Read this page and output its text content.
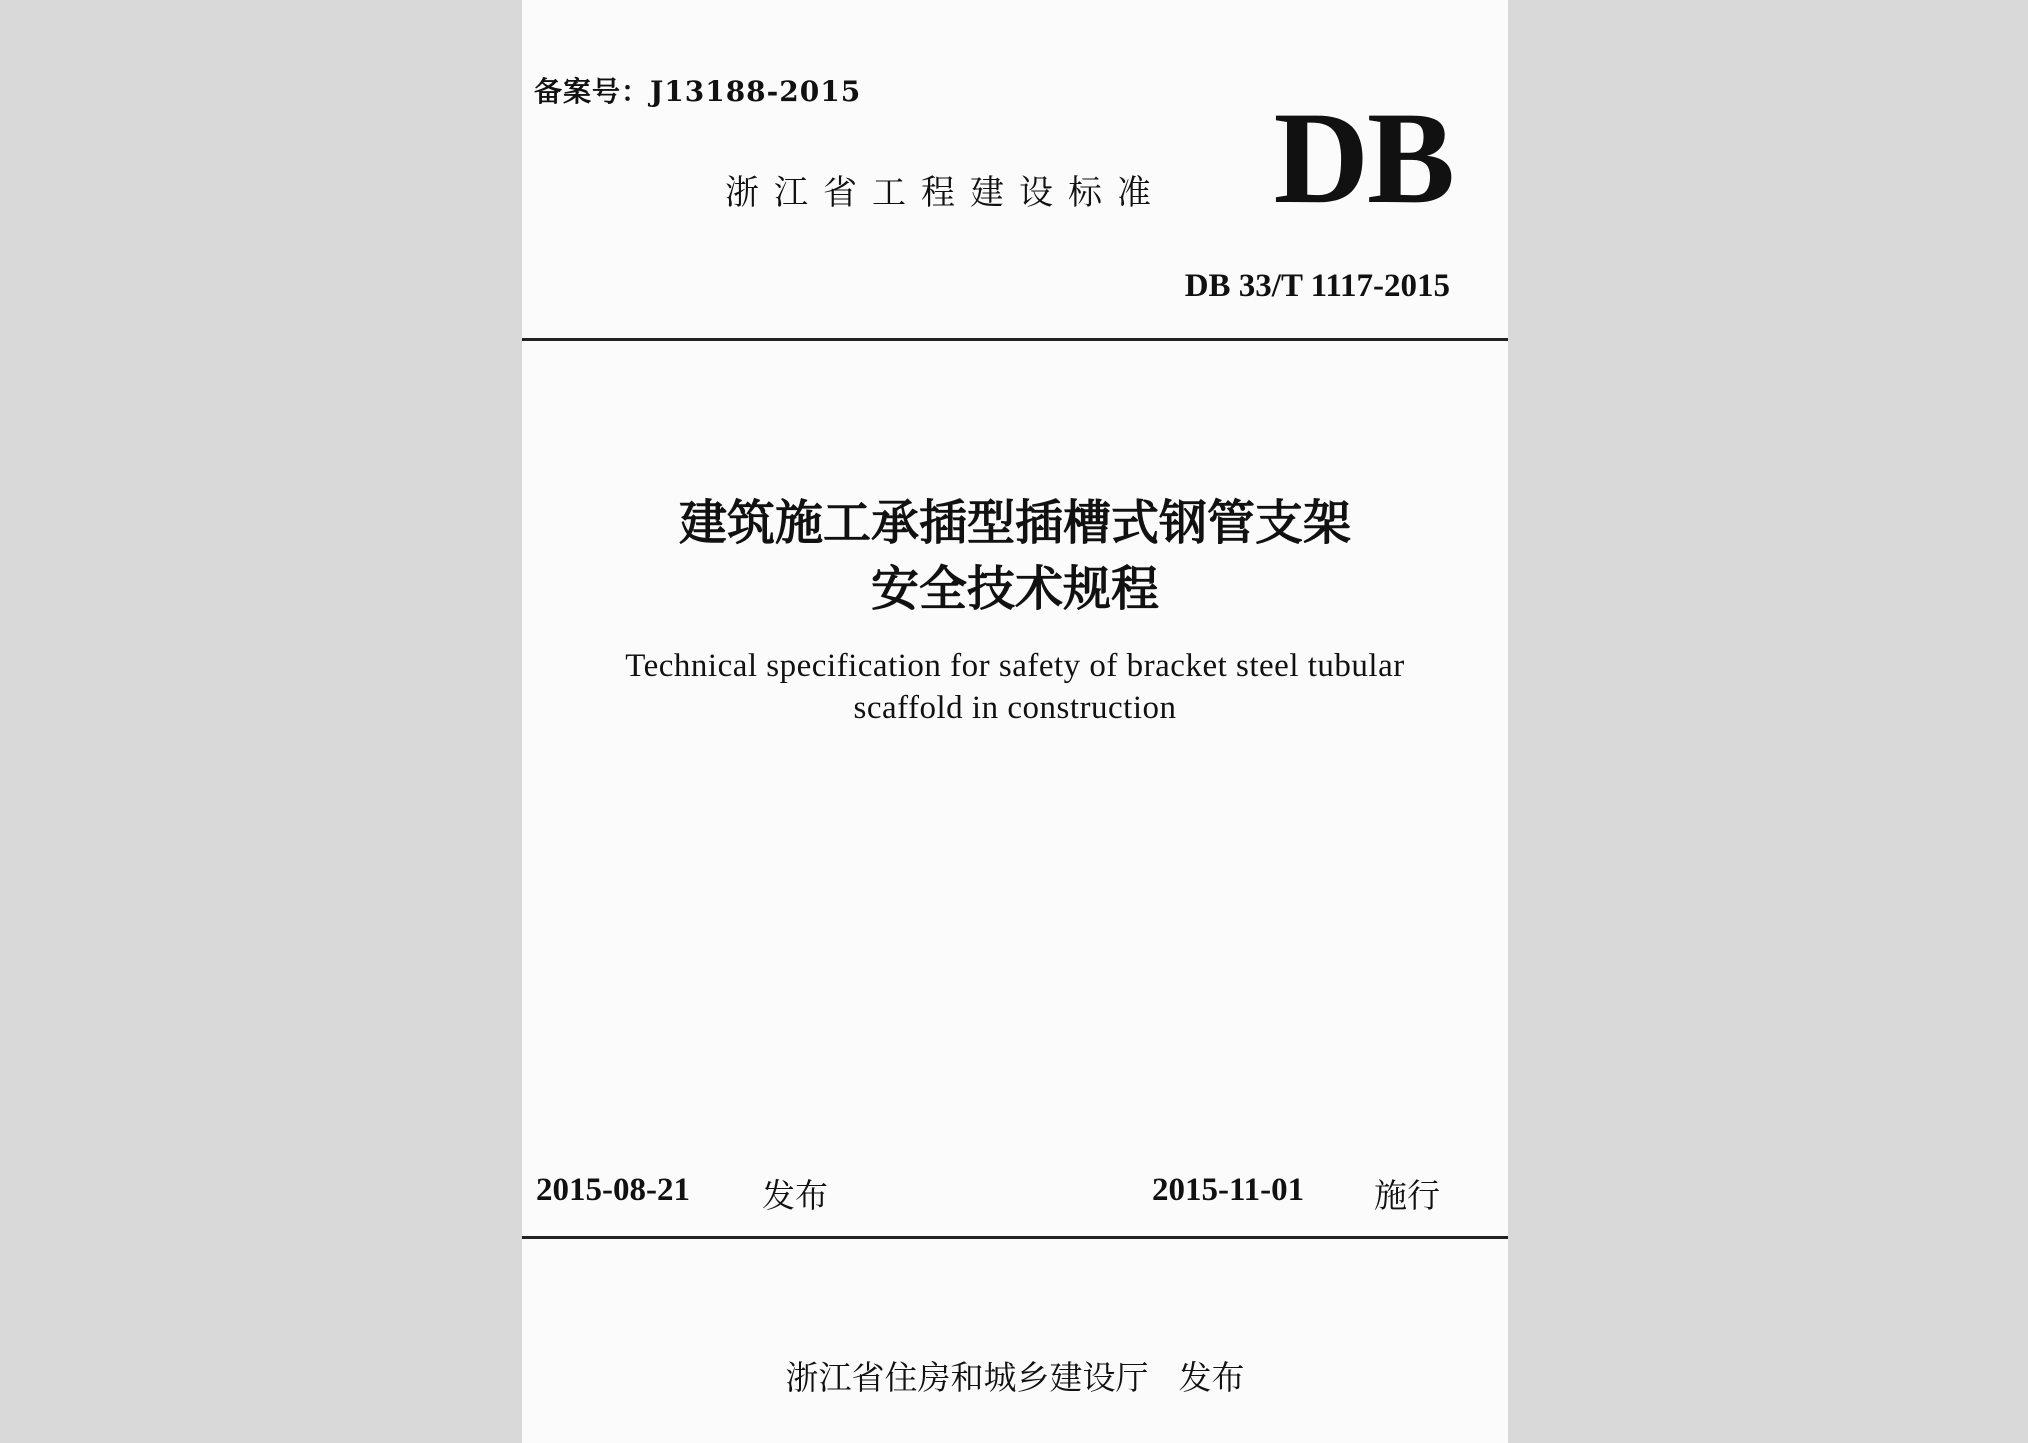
备案号：J13188-2015
浙江省工程建设标准 DB
DB 33/T 1117-2015
建筑施工承插型插槽式钢管支架
安全技术规程
Technical specification for safety of bracket steel tubular
scaffold in construction
2015-08-21 发布	2015-11-01 施行
浙江省住房和城乡建设厅 发布
